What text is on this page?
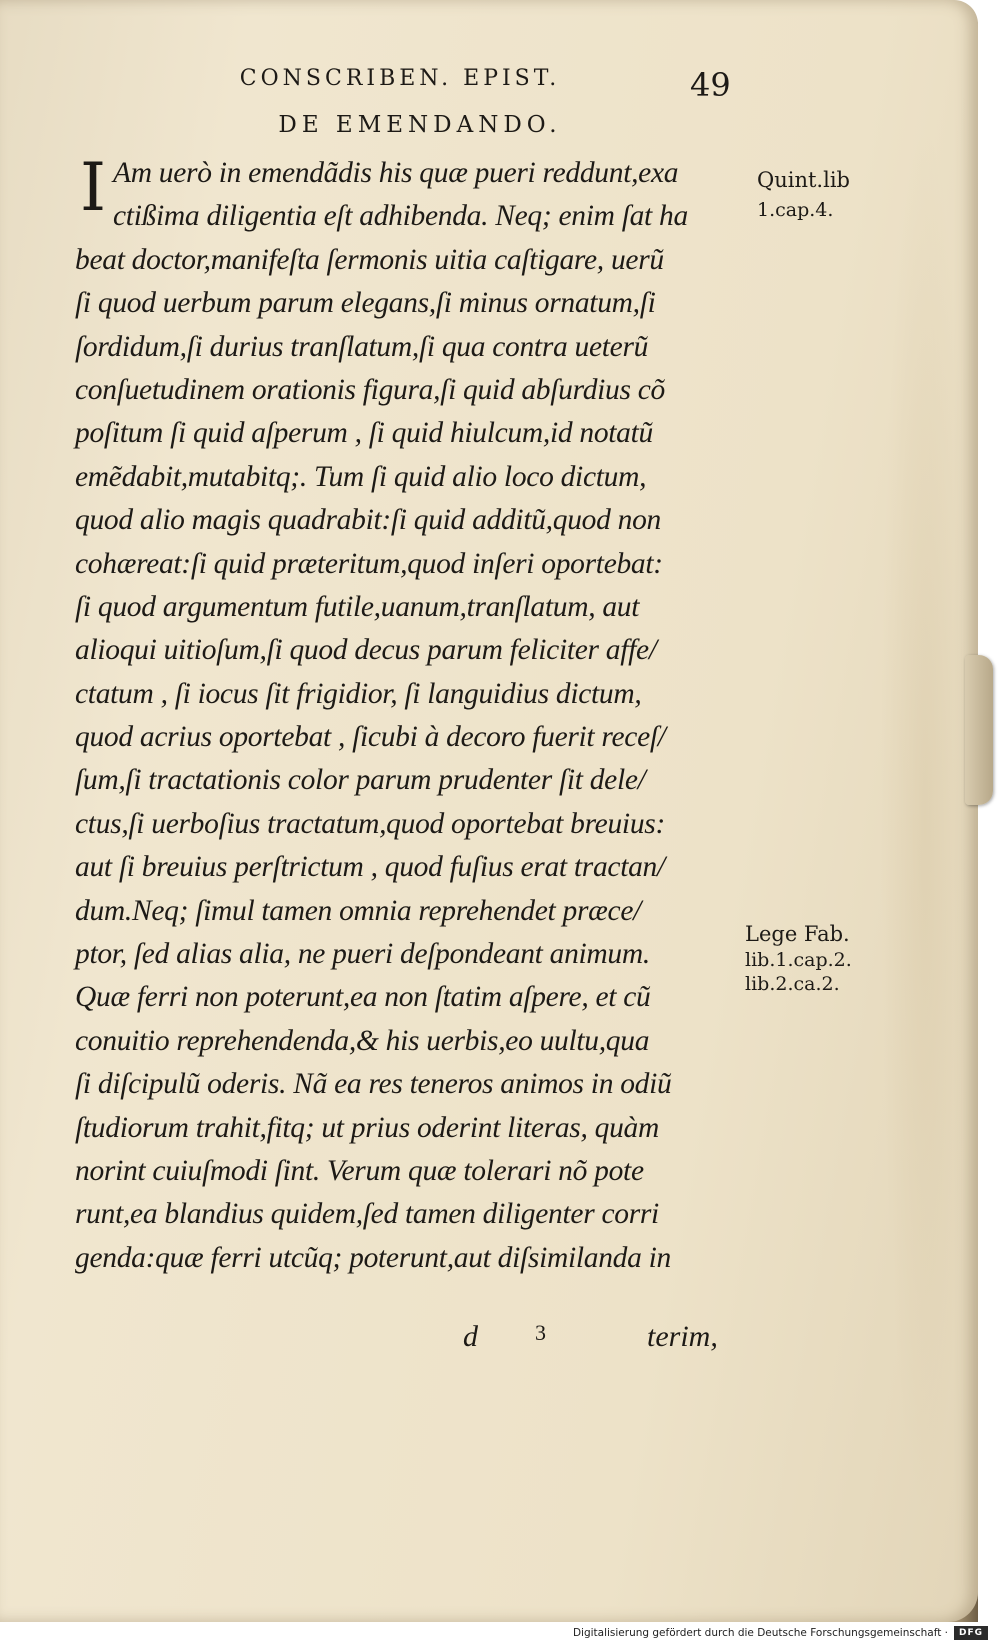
CONSCRIBEN. EPIST.	49
DE EMENDANDO.
I Am uerò in emendãdis his quæ pueri reddunt,exa
ctißima diligentia eſt adhibenda. Neq; enim ſat ha
beat doctor,manifeſta ſermonis uitia caſtigare, uerũ
ſi quod uerbum parum elegans,ſi minus ornatum,ſi
ſordidum,ſi durius tranſlatum,ſi qua contra ueterũ
conſuetudinem orationis figura,ſi quid abſurdius cõ
poſitum ſi quid aſperum , ſi quid hiulcum,id notatũ
emẽdabit,mutabitq;. Tum ſi quid alio loco dictum,
quod alio magis quadrabit:ſi quid additũ,quod non
cohæreat:ſi quid præteritum,quod inſeri oportebat:
ſi quod argumentum futile,uanum,tranſlatum, aut
alioqui uitioſum,ſi quod decus parum feliciter affe/
ctatum , ſi iocus ſit frigidior, ſi languidius dictum,
quod acrius oportebat , ſicubi à decoro fuerit receſ/
ſum,ſi tractationis color parum prudenter ſit dele/
ctus,ſi uerboſius tractatum,quod oportebat breuius:
aut ſi breuius perſtrictum , quod fuſius erat tractan/
dum.Neq; ſimul tamen omnia reprehendet præce/
ptor, ſed alias alia, ne pueri deſpondeant animum.
Quæ ferri non poterunt,ea non ſtatim aſpere, et cũ
conuitio reprehendenda,& his uerbis,eo uultu,qua
ſi diſcipulũ oderis. Nã ea res teneros animos in odiũ
ſtudiorum trahit,fitq; ut prius oderint literas, quàm
norint cuiuſmodi ſint. Verum quæ tolerari nõ pote
runt,ea blandius quidem,ſed tamen diligenter corri
genda:quæ ferri utcũq; poterunt,aut diſsimilanda in
Quint.lib
1.cap.4.
Lege Fab.
lib.1.cap.2.
lib.2.ca.2.
d	3	terim,
Digitalisierung gefördert durch die Deutsche Forschungsgemeinschaft ·	DFG
